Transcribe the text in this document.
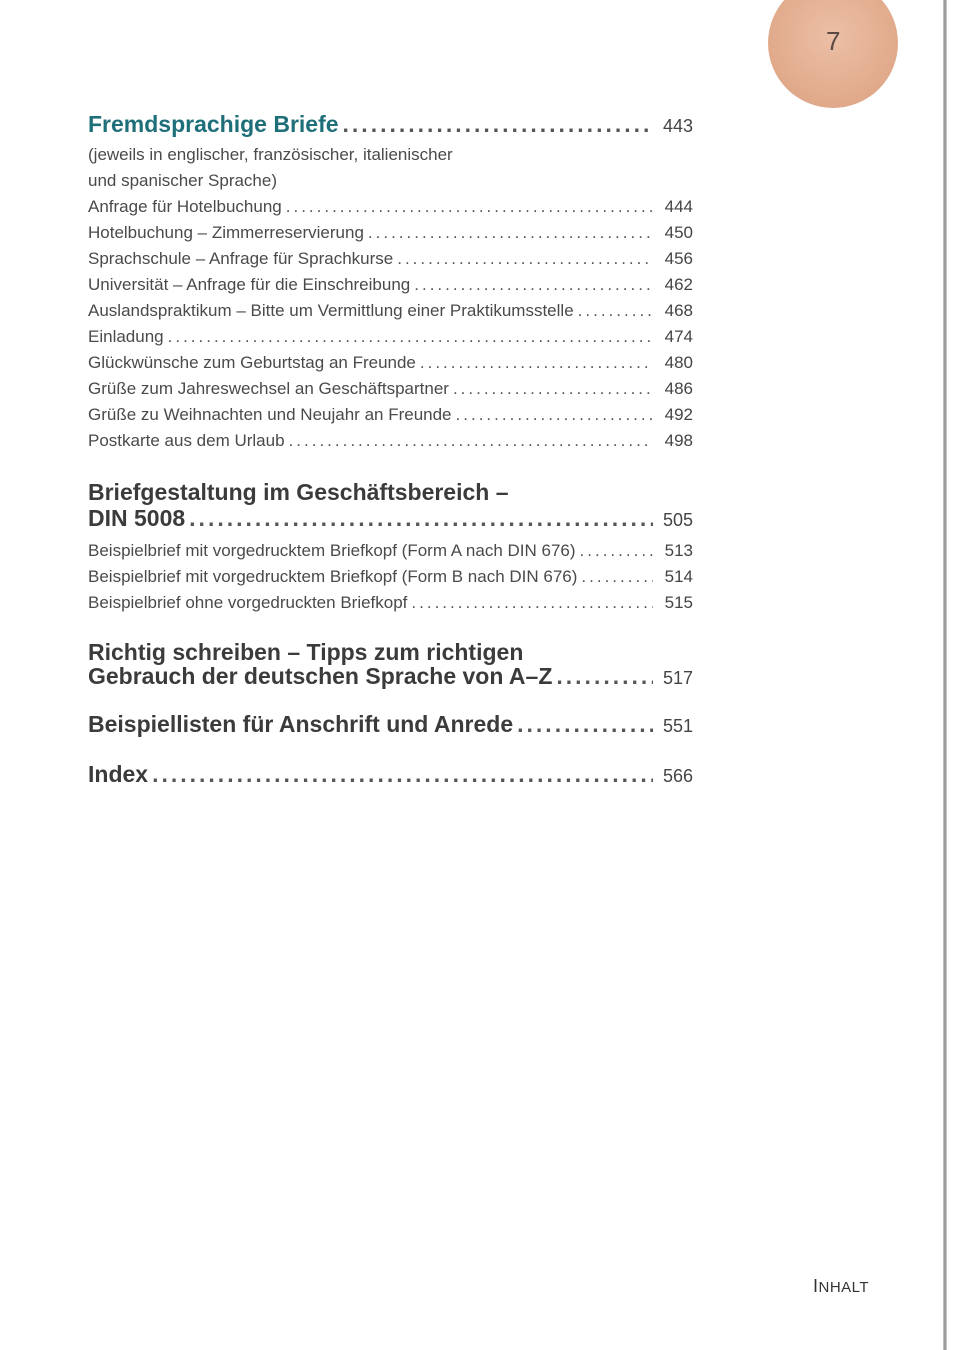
7
Fremdsprachige Briefe .....	443
(jeweils in englischer, französischer, italienischer
und spanischer Sprache)
Anfrage für Hotelbuchung .....	444
Hotelbuchung – Zimmerreservierung .....	450
Sprachschule – Anfrage für Sprachkurse .....	456
Universität – Anfrage für die Einschreibung .....	462
Auslandspraktikum – Bitte um Vermittlung einer Praktikumsstelle .....	468
Einladung .....	474
Glückwünsche zum Geburtstag an Freunde .....	480
Grüße zum Jahreswechsel an Geschäftspartner .....	486
Grüße zu Weihnachten und Neujahr an Freunde .....	492
Postkarte aus dem Urlaub .....	498
Briefgestaltung im Geschäftsbereich –
DIN 5008 .....	505
Beispielbrief mit vorgedrucktem Briefkopf (Form A nach DIN 676) .....	513
Beispielbrief mit vorgedrucktem Briefkopf (Form B nach DIN 676) .....	514
Beispielbrief ohne vorgedruckten Briefkopf .....	515
Richtig schreiben – Tipps zum richtigen
Gebrauch der deutschen Sprache von A–Z .....	517
Beispiellisten für Anschrift und Anrede .....	551
Index .....	566
INHALT
